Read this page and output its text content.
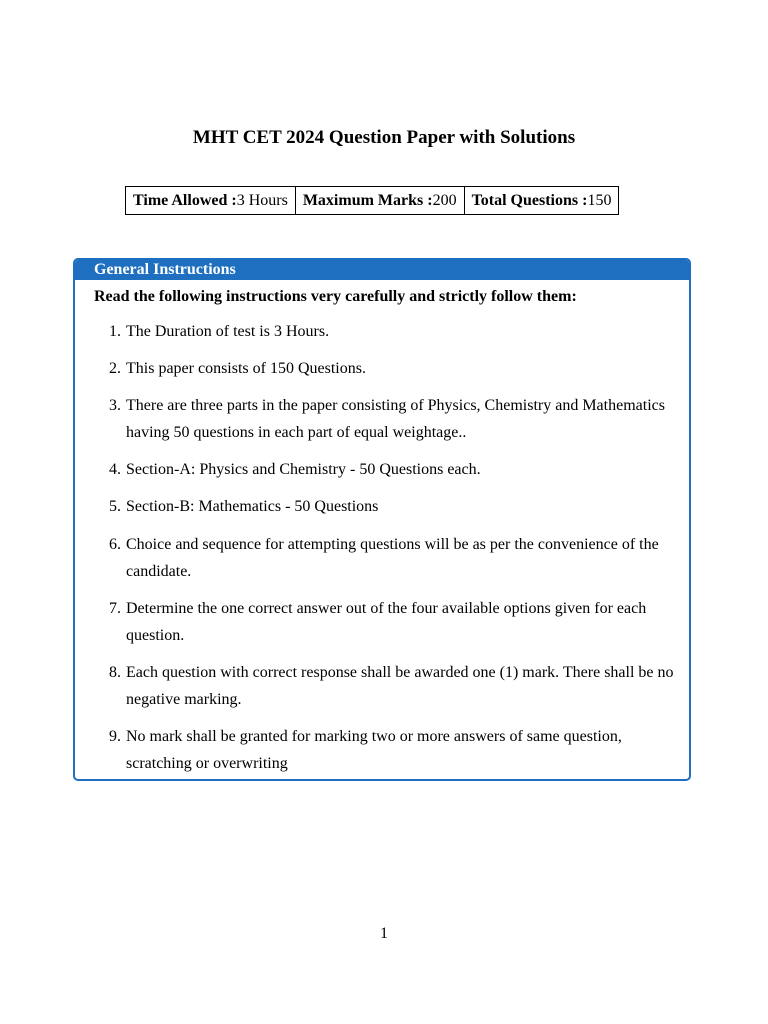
MHT CET 2024 Question Paper with Solutions
Time Allowed :3 Hours	Maximum Marks :200	Total Questions :150
General Instructions
Read the following instructions very carefully and strictly follow them:
1. The Duration of test is 3 Hours.
2. This paper consists of 150 Questions.
3. There are three parts in the paper consisting of Physics, Chemistry and Mathematics having 50 questions in each part of equal weightage..
4. Section-A: Physics and Chemistry - 50 Questions each.
5. Section-B: Mathematics - 50 Questions
6. Choice and sequence for attempting questions will be as per the convenience of the candidate.
7. Determine the one correct answer out of the four available options given for each question.
8. Each question with correct response shall be awarded one (1) mark. There shall be no negative marking.
9. No mark shall be granted for marking two or more answers of same question, scratching or overwriting
1
